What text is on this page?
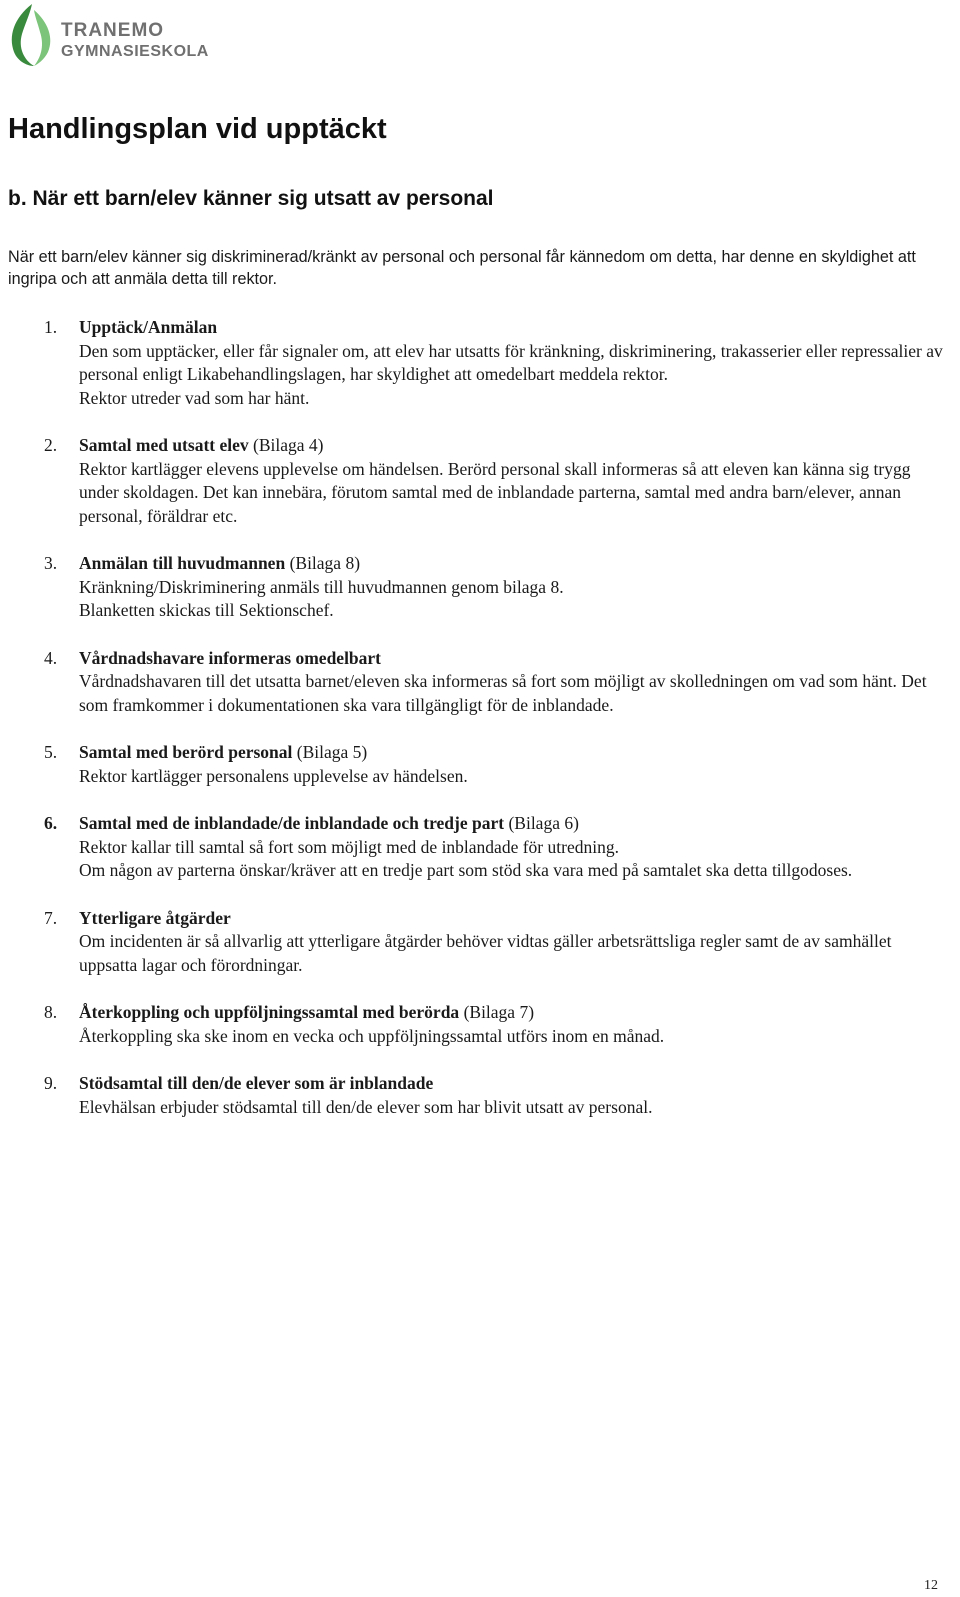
TRANEMO
GYMNASIESKOLA
Handlingsplan vid upptäckt
b. När ett barn/elev känner sig utsatt av personal

När ett barn/elev känner sig diskriminerad/kränkt av personal och personal får kännedom om detta, har denne en skyldighet att ingripa och att anmäla detta till rektor.

1. Upptäck/Anmälan
Den som upptäcker, eller får signaler om, att elev har utsatts för kränkning, diskriminering, trakasserier eller repressalier av personal enligt Likabehandlingslagen, har skyldighet att omedelbart meddela rektor.
Rektor utreder vad som har hänt.
2. Samtal med utsatt elev (Bilaga 4)
Rektor kartlägger elevens upplevelse om händelsen. Berörd personal skall informeras så att eleven kan känna sig trygg under skoldagen. Det kan innebära, förutom samtal med de inblandade parterna, samtal med andra barn/elever, annan personal, föräldrar etc.
3. Anmälan till huvudmannen (Bilaga 8)
Kränkning/Diskriminering anmäls till huvudmannen genom bilaga 8.
Blanketten skickas till Sektionschef.
4. Vårdnadshavare informeras omedelbart
Vårdnadshavaren till det utsatta barnet/eleven ska informeras så fort som möjligt av skolledningen om vad som hänt. Det som framkommer i dokumentationen ska vara tillgängligt för de inblandade.
5. Samtal med berörd personal (Bilaga 5)
Rektor kartlägger personalens upplevelse av händelsen.
6. Samtal med de inblandade/de inblandade och tredje part (Bilaga 6)
Rektor kallar till samtal så fort som möjligt med de inblandade för utredning.
Om någon av parterna önskar/kräver att en tredje part som stöd ska vara med på samtalet ska detta tillgodoses.
7. Ytterligare åtgärder
Om incidenten är så allvarlig att ytterligare åtgärder behöver vidtas gäller arbetsrättsliga regler samt de av samhället uppsatta lagar och förordningar.
8. Återkoppling och uppföljningssamtal med berörda (Bilaga 7)
Återkoppling ska ske inom en vecka och uppföljningssamtal utförs inom en månad.
9. Stödsamtal till den/de elever som är inblandade
Elevhälsan erbjuder stödsamtal till den/de elever som har blivit utsatt av personal.
12
